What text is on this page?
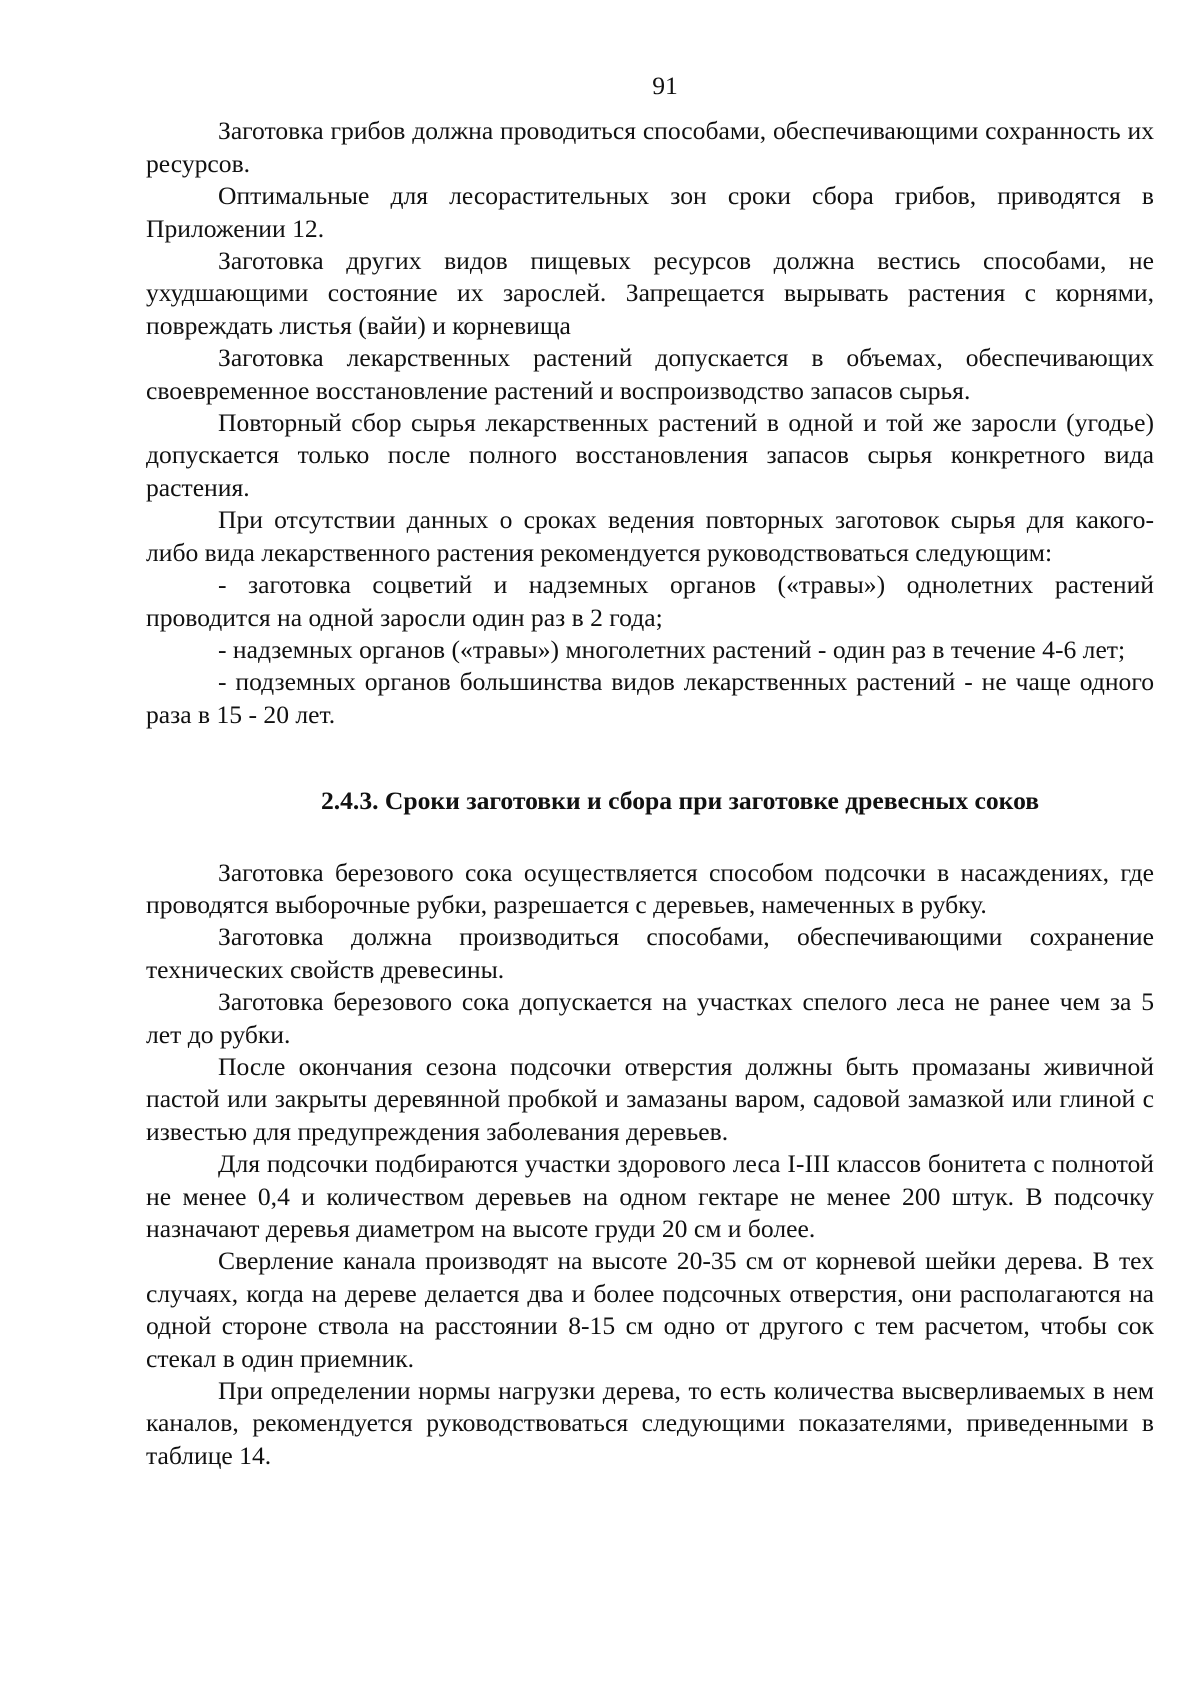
91

Заготовка грибов должна проводиться способами, обеспечивающими сохранность их ресурсов.

Оптимальные для лесорастительных зон сроки сбора грибов, приводятся в Приложении 12.

Заготовка других видов пищевых ресурсов должна вестись способами, не ухудшающими состояние их зарослей. Запрещается вырывать растения с корнями, повреждать листья (вайи) и корневища

Заготовка лекарственных растений допускается в объемах, обеспечивающих своевременное восстановление растений и воспроизводство запасов сырья.

Повторный сбор сырья лекарственных растений в одной и той же заросли (угодье) допускается только после полного восстановления запасов сырья конкретного вида растения.

При отсутствии данных о сроках ведения повторных заготовок сырья для какого-либо вида лекарственного растения рекомендуется руководствоваться следующим:

- заготовка соцветий и надземных органов («травы») однолетних растений проводится на одной заросли один раз в 2 года;

- надземных органов («травы») многолетних растений - один раз в течение 4-6 лет;

- подземных органов большинства видов лекарственных растений - не чаще одного раза в 15 - 20 лет.

2.4.3. Сроки заготовки и сбора при заготовке древесных соков

Заготовка березового сока осуществляется способом подсочки в насаждениях, где проводятся выборочные рубки, разрешается с деревьев, намеченных в рубку.

Заготовка должна производиться способами, обеспечивающими сохранение технических свойств древесины.

Заготовка березового сока допускается на участках спелого леса не ранее чем за 5 лет до рубки.

После окончания сезона подсочки отверстия должны быть промазаны живичной пастой или закрыты деревянной пробкой и замазаны варом, садовой замазкой или глиной с известью для предупреждения заболевания деревьев.

Для подсочки подбираются участки здорового леса I-III классов бонитета с полнотой не менее 0,4 и количеством деревьев на одном гектаре не менее 200 штук. В подсочку назначают деревья диаметром на высоте груди 20 см и более.

Сверление канала производят на высоте 20-35 см от корневой шейки дерева. В тех случаях, когда на дереве делается два и более подсочных отверстия, они располагаются на одной стороне ствола на расстоянии 8-15 см одно от другого с тем расчетом, чтобы сок стекал в один приемник.

При определении нормы нагрузки дерева, то есть количества высверливаемых в нем каналов, рекомендуется руководствоваться следующими показателями, приведенными в таблице 14.
